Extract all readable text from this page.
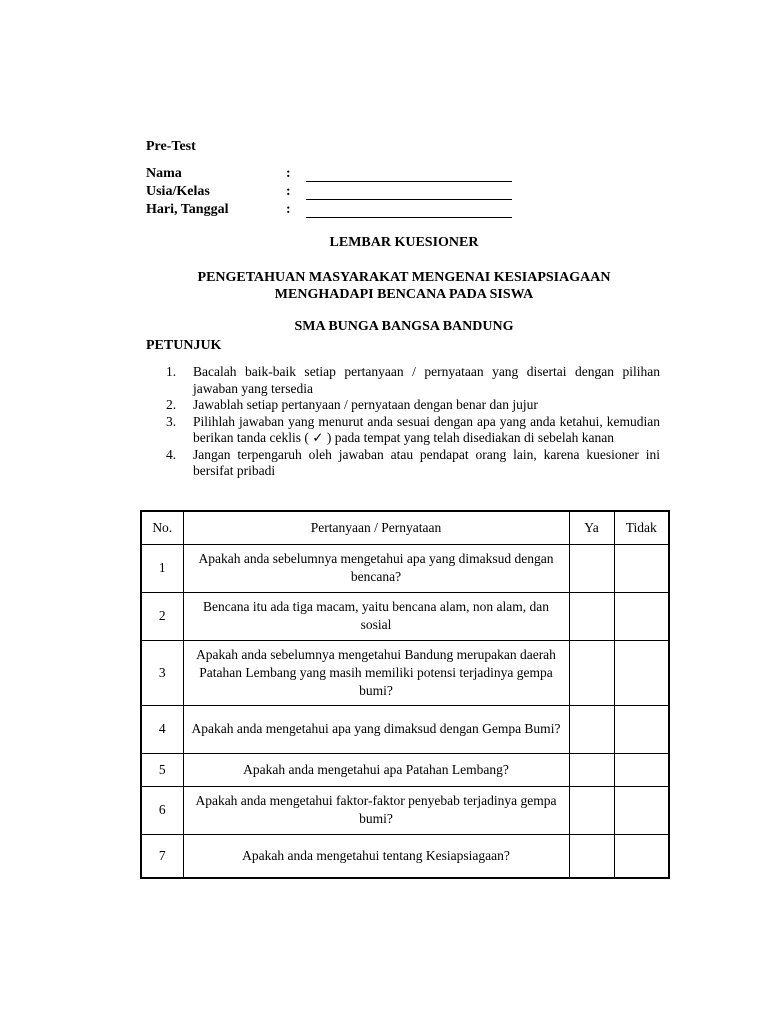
Pre-Test
Nama	:
Usia/Kelas	:
Hari, Tanggal	:
LEMBAR KUESIONER
PENGETAHUAN MASYARAKAT MENGENAI KESIAPSIAGAAN
MENGHADAPI BENCANA PADA SISWA
SMA BUNGA BANGSA BANDUNG
PETUNJUK
1. Bacalah baik-baik setiap pertanyaan / pernyataan yang disertai dengan pilihan jawaban yang tersedia
2. Jawablah setiap pertanyaan / pernyataan dengan benar dan jujur
3. Pilihlah jawaban yang menurut anda sesuai dengan apa yang anda ketahui, kemudian berikan tanda ceklis ( ✓ ) pada tempat yang telah disediakan di sebelah kanan
4. Jangan terpengaruh oleh jawaban atau pendapat orang lain, karena kuesioner ini bersifat pribadi
No.	Pertanyaan / Pernyataan	Ya	Tidak
1	Apakah anda sebelumnya mengetahui apa yang dimaksud dengan bencana?		
2	Bencana itu ada tiga macam, yaitu bencana alam, non alam, dan sosial		
3	Apakah anda sebelumnya mengetahui Bandung merupakan daerah Patahan Lembang yang masih memiliki potensi terjadinya gempa bumi?		
4	Apakah anda mengetahui apa yang dimaksud dengan Gempa Bumi?		
5	Apakah anda mengetahui apa Patahan Lembang?		
6	Apakah anda mengetahui faktor-faktor penyebab terjadinya gempa bumi?		
7	Apakah anda mengetahui tentang Kesiapsiagaan?		
